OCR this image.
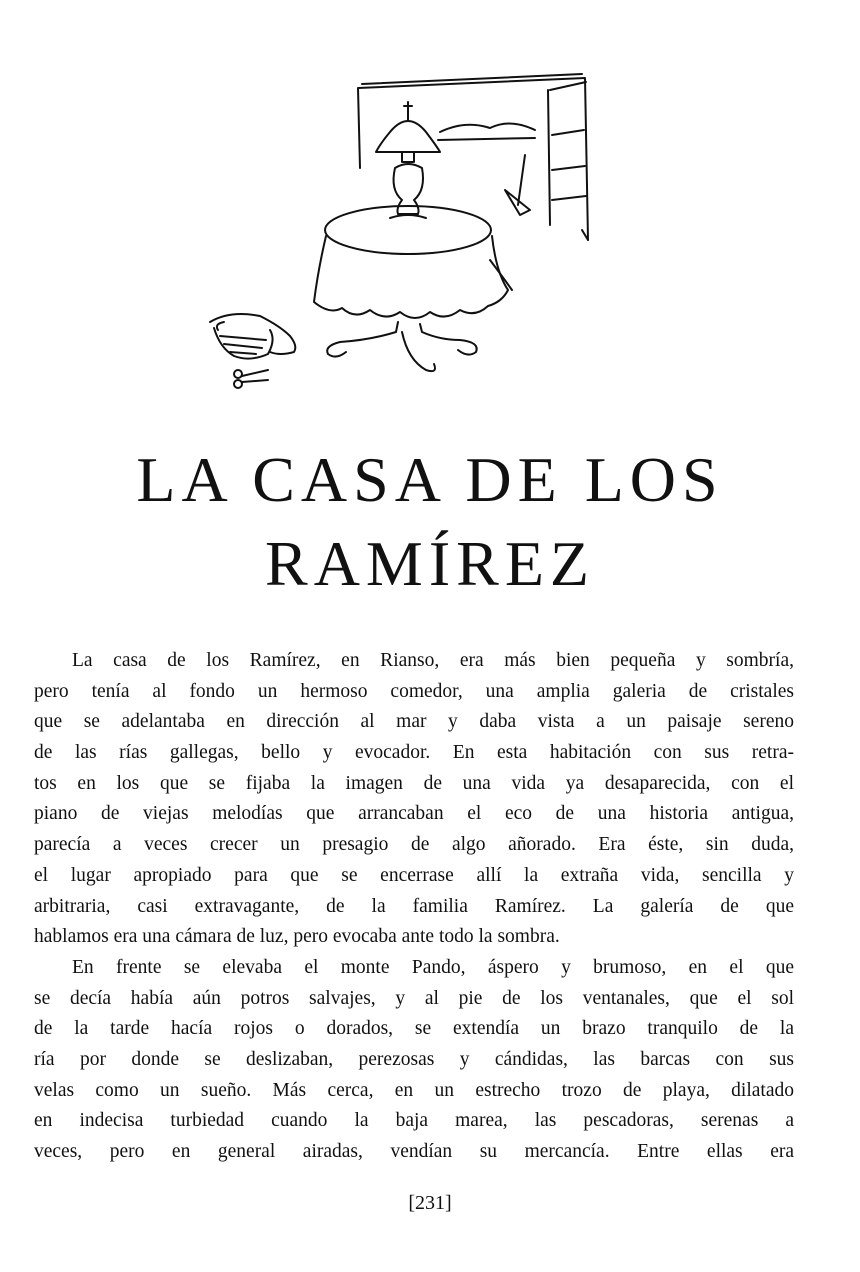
LA CASA DE LOS
RAMÍREZ
La casa de los Ramírez, en Rianso, era más bien pequeña y sombría,
pero tenía al fondo un hermoso comedor, una amplia galeria de cristales
que se adelantaba en dirección al mar y daba vista a un paisaje sereno
de las rías gallegas, bello y evocador. En esta habitación con sus retra-
tos en los que se fijaba la imagen de una vida ya desaparecida, con el
piano de viejas melodías que arrancaban el eco de una historia antigua,
parecía a veces crecer un presagio de algo añorado. Era éste, sin duda,
el lugar apropiado para que se encerrase allí la extraña vida, sencilla y
arbitraria, casi extravagante, de la familia Ramírez. La galería de que
hablamos era una cámara de luz, pero evocaba ante todo la sombra.
En frente se elevaba el monte Pando, áspero y brumoso, en el que
se decía había aún potros salvajes, y al pie de los ventanales, que el sol
de la tarde hacía rojos o dorados, se extendía un brazo tranquilo de la
ría por donde se deslizaban, perezosas y cándidas, las barcas con sus
velas como un sueño. Más cerca, en un estrecho trozo de playa, dilatado
en indecisa turbiedad cuando la baja marea, las pescadoras, serenas a
veces, pero en general airadas, vendían su mercancía. Entre ellas era
[231]
